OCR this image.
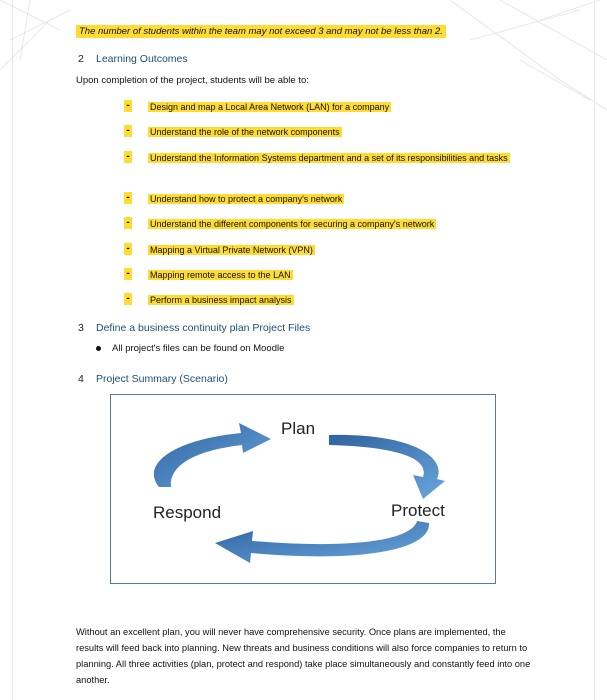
The number of students within the team may not exceed 3 and may not be less than 2.
2 Learning Outcomes
Upon completion of the project, students will be able to:
- Design and map a Local Area Network (LAN) for a company
- Understand the role of the network components
- Understand the Information Systems department and a set of its responsibilities and tasks
- Understand how to protect a company's network
- Understand the different components for securing a company's network
- Mapping a Virtual Private Network (VPN)
- Mapping remote access to the LAN
- Perform a business impact analysis
3 Define a business continuity plan Project Files
All project's files can be found on Moodle
4 Project Summary (Scenario)
Plan
Protect
Respond

Without an excellent plan, you will never have comprehensive security. Once plans are implemented, the results will feed back into planning. New threats and business conditions will also force companies to return to planning. All three activities (plan, protect and respond) take place simultaneously and constantly feed into one another.
